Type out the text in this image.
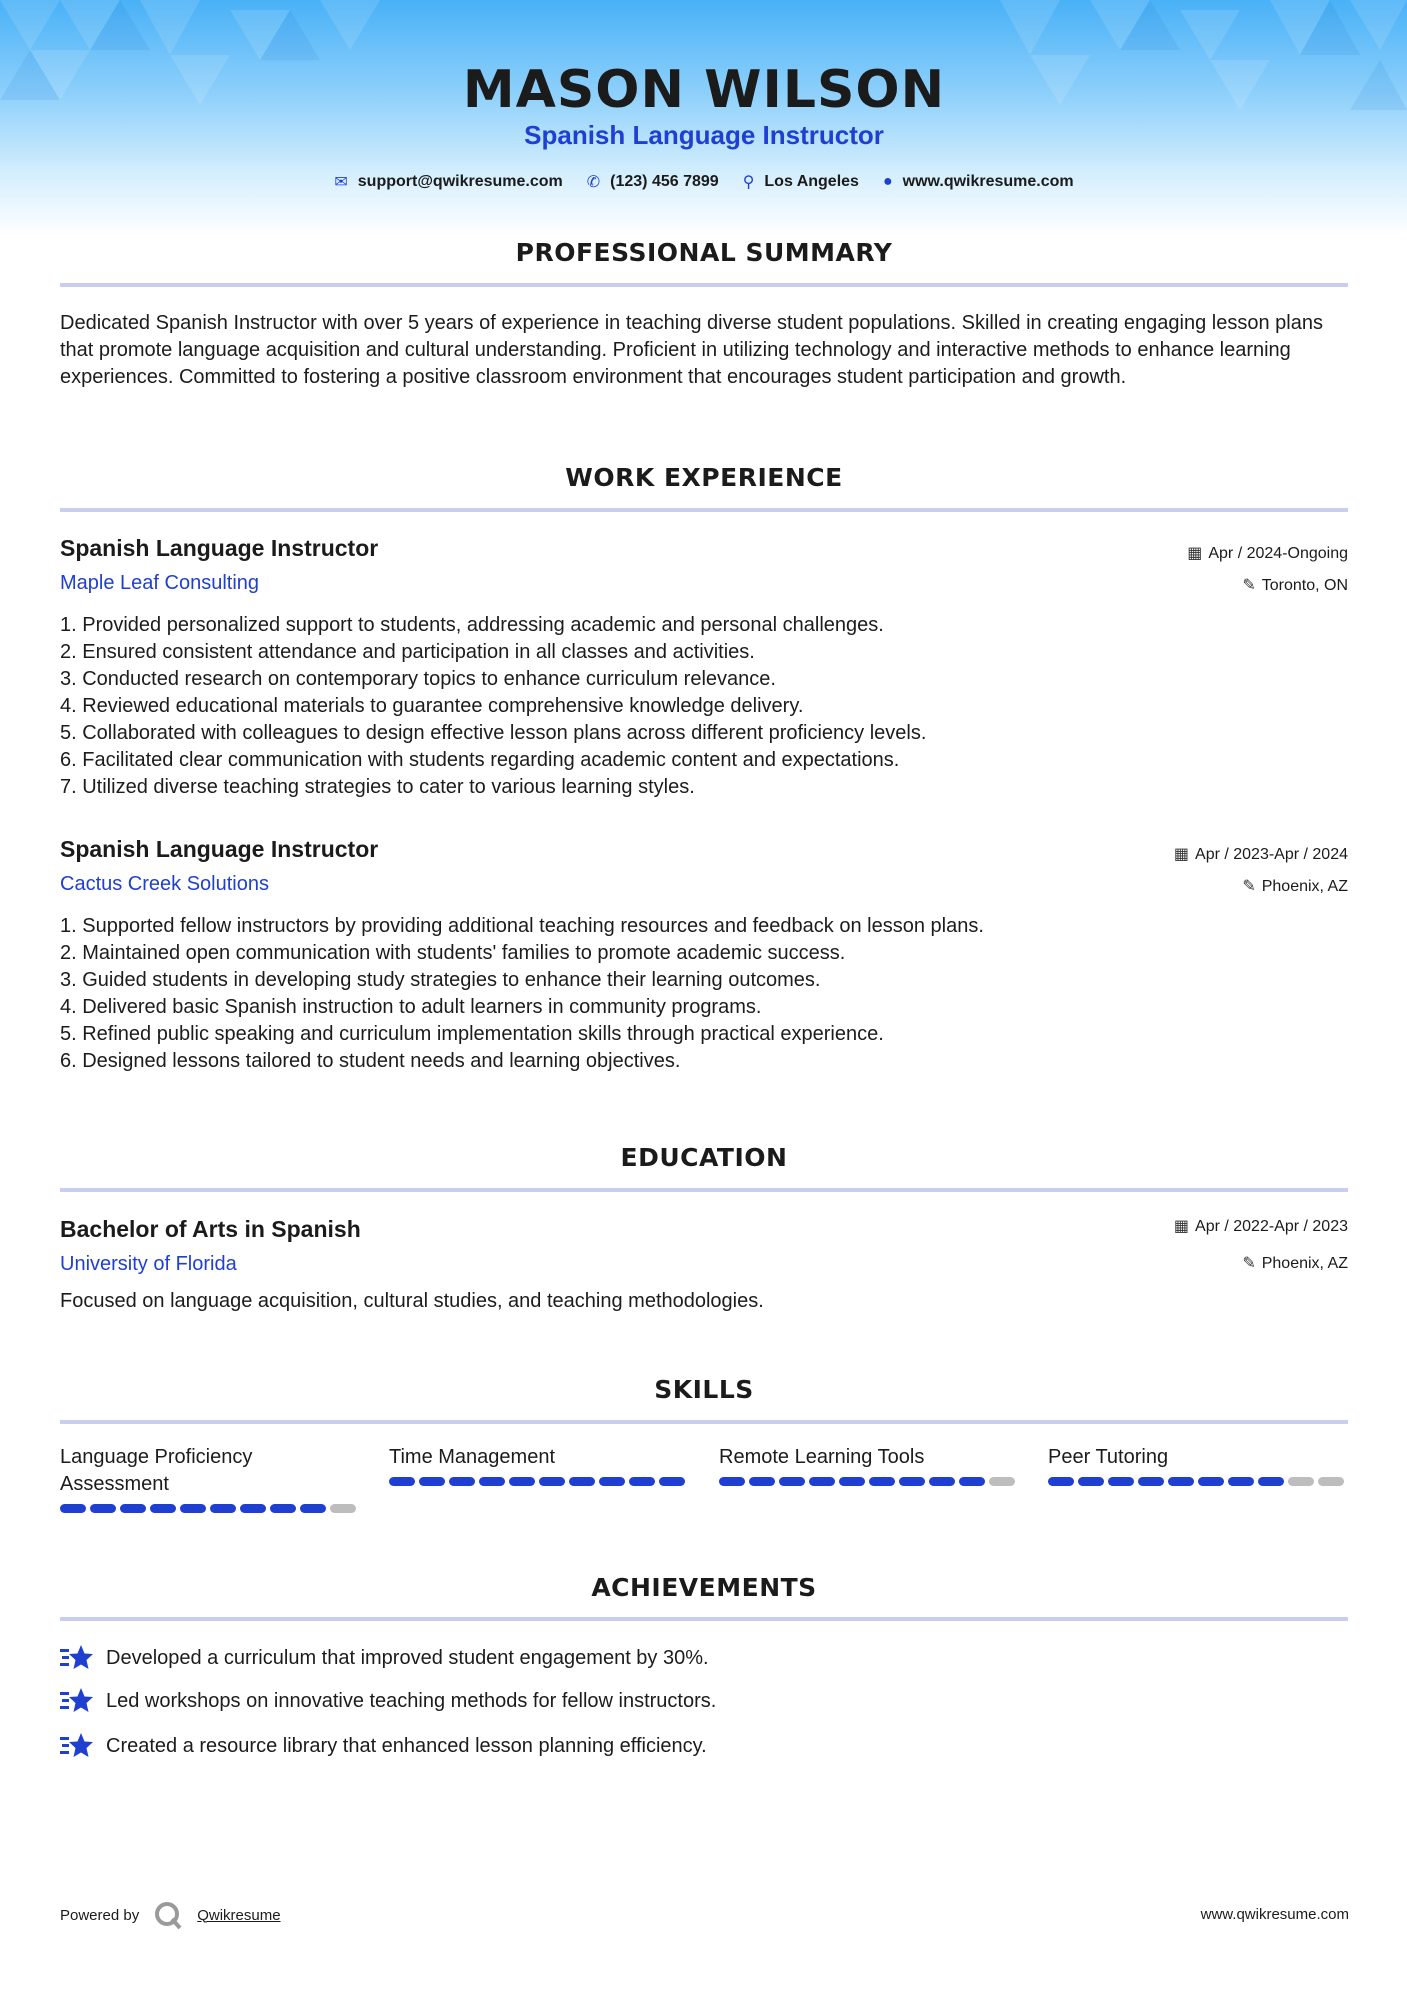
MASON WILSON
Spanish Language Instructor
✉ support@qwikresume.com ✆ (123) 456 7899 ⚲ Los Angeles ● www.qwikresume.com
PROFESSIONAL SUMMARY
Dedicated Spanish Instructor with over 5 years of experience in teaching diverse student populations. Skilled in creating engaging lesson plans that promote language acquisition and cultural understanding. Proficient in utilizing technology and interactive methods to enhance learning experiences. Committed to fostering a positive classroom environment that encourages student participation and growth.
WORK EXPERIENCE
Spanish Language Instructor	▦ Apr / 2024-Ongoing
Maple Leaf Consulting	✎ Toronto, ON
1. Provided personalized support to students, addressing academic and personal challenges.
2. Ensured consistent attendance and participation in all classes and activities.
3. Conducted research on contemporary topics to enhance curriculum relevance.
4. Reviewed educational materials to guarantee comprehensive knowledge delivery.
5. Collaborated with colleagues to design effective lesson plans across different proficiency levels.
6. Facilitated clear communication with students regarding academic content and expectations.
7. Utilized diverse teaching strategies to cater to various learning styles.
Spanish Language Instructor	▦ Apr / 2023-Apr / 2024
Cactus Creek Solutions	✎ Phoenix, AZ
1. Supported fellow instructors by providing additional teaching resources and feedback on lesson plans.
2. Maintained open communication with students' families to promote academic success.
3. Guided students in developing study strategies to enhance their learning outcomes.
4. Delivered basic Spanish instruction to adult learners in community programs.
5. Refined public speaking and curriculum implementation skills through practical experience.
6. Designed lessons tailored to student needs and learning objectives.
EDUCATION
Bachelor of Arts in Spanish	▦ Apr / 2022-Apr / 2023
University of Florida	✎ Phoenix, AZ
Focused on language acquisition, cultural studies, and teaching methodologies.
SKILLS
Language Proficiency Assessment
Time Management	Remote Learning Tools	Peer Tutoring
ACHIEVEMENTS
Developed a curriculum that improved student engagement by 30%.
Led workshops on innovative teaching methods for fellow instructors.
Created a resource library that enhanced lesson planning efficiency.
Powered by	Qwikresume	www.qwikresume.com
